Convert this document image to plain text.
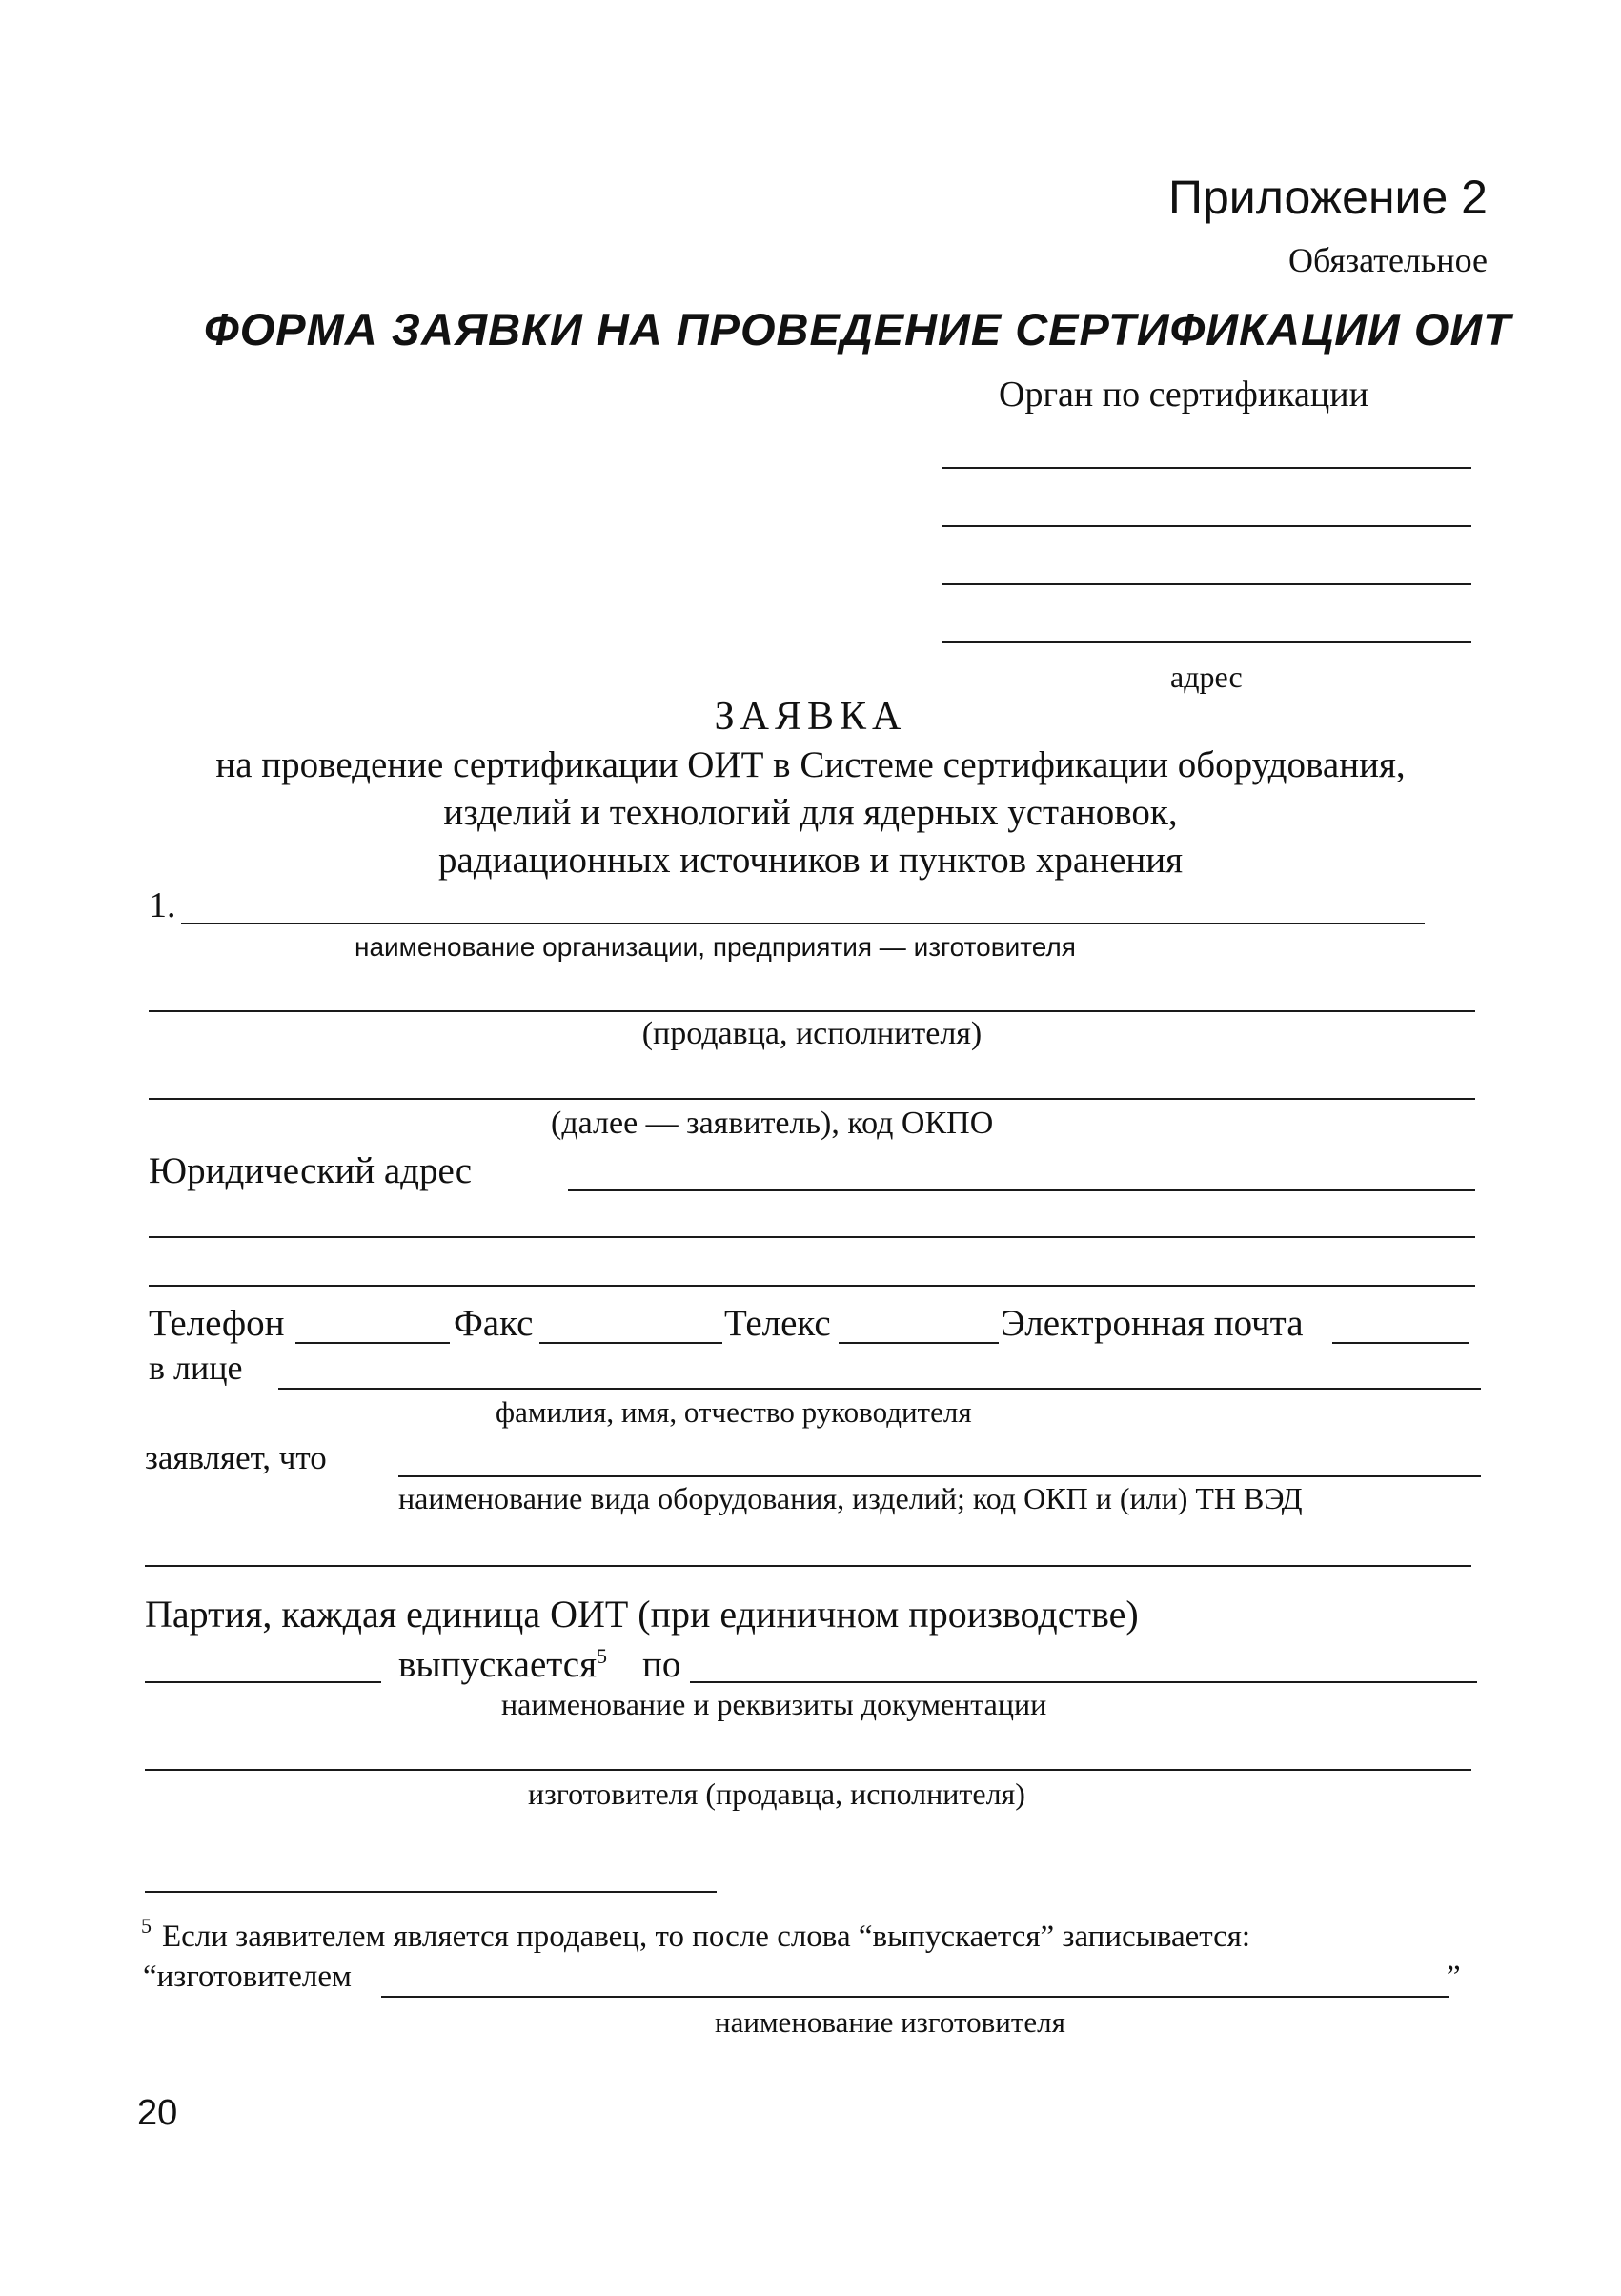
Приложение 2
Обязательное
ФОРМА ЗАЯВКИ НА ПРОВЕДЕНИЕ СЕРТИФИКАЦИИ ОИТ
Орган по сертификации
адрес
ЗАЯВКА
на проведение сертификации ОИТ в Системе сертификации оборудования,
изделий и технологий для ядерных установок,
радиационных источников и пунктов хранения
1.
наименование организации, предприятия — изготовителя
(продавца, исполнителя)
(далее — заявитель), код ОКПО
Юридический адрес
Телефон	Факс	Телекс	Электронная почта
в лице
фамилия, имя, отчество руководителя
заявляет, что
наименование вида оборудования, изделий; код ОКП и (или) ТН ВЭД
Партия, каждая единица ОИТ (при единичном производстве)
выпускается$^5$ по
наименование и реквизиты документации
изготовителя (продавца, исполнителя)
5 Если заявителем является продавец, то после слова “выпускается” записывается:
“изготовителем	”
наименование изготовителя
20
